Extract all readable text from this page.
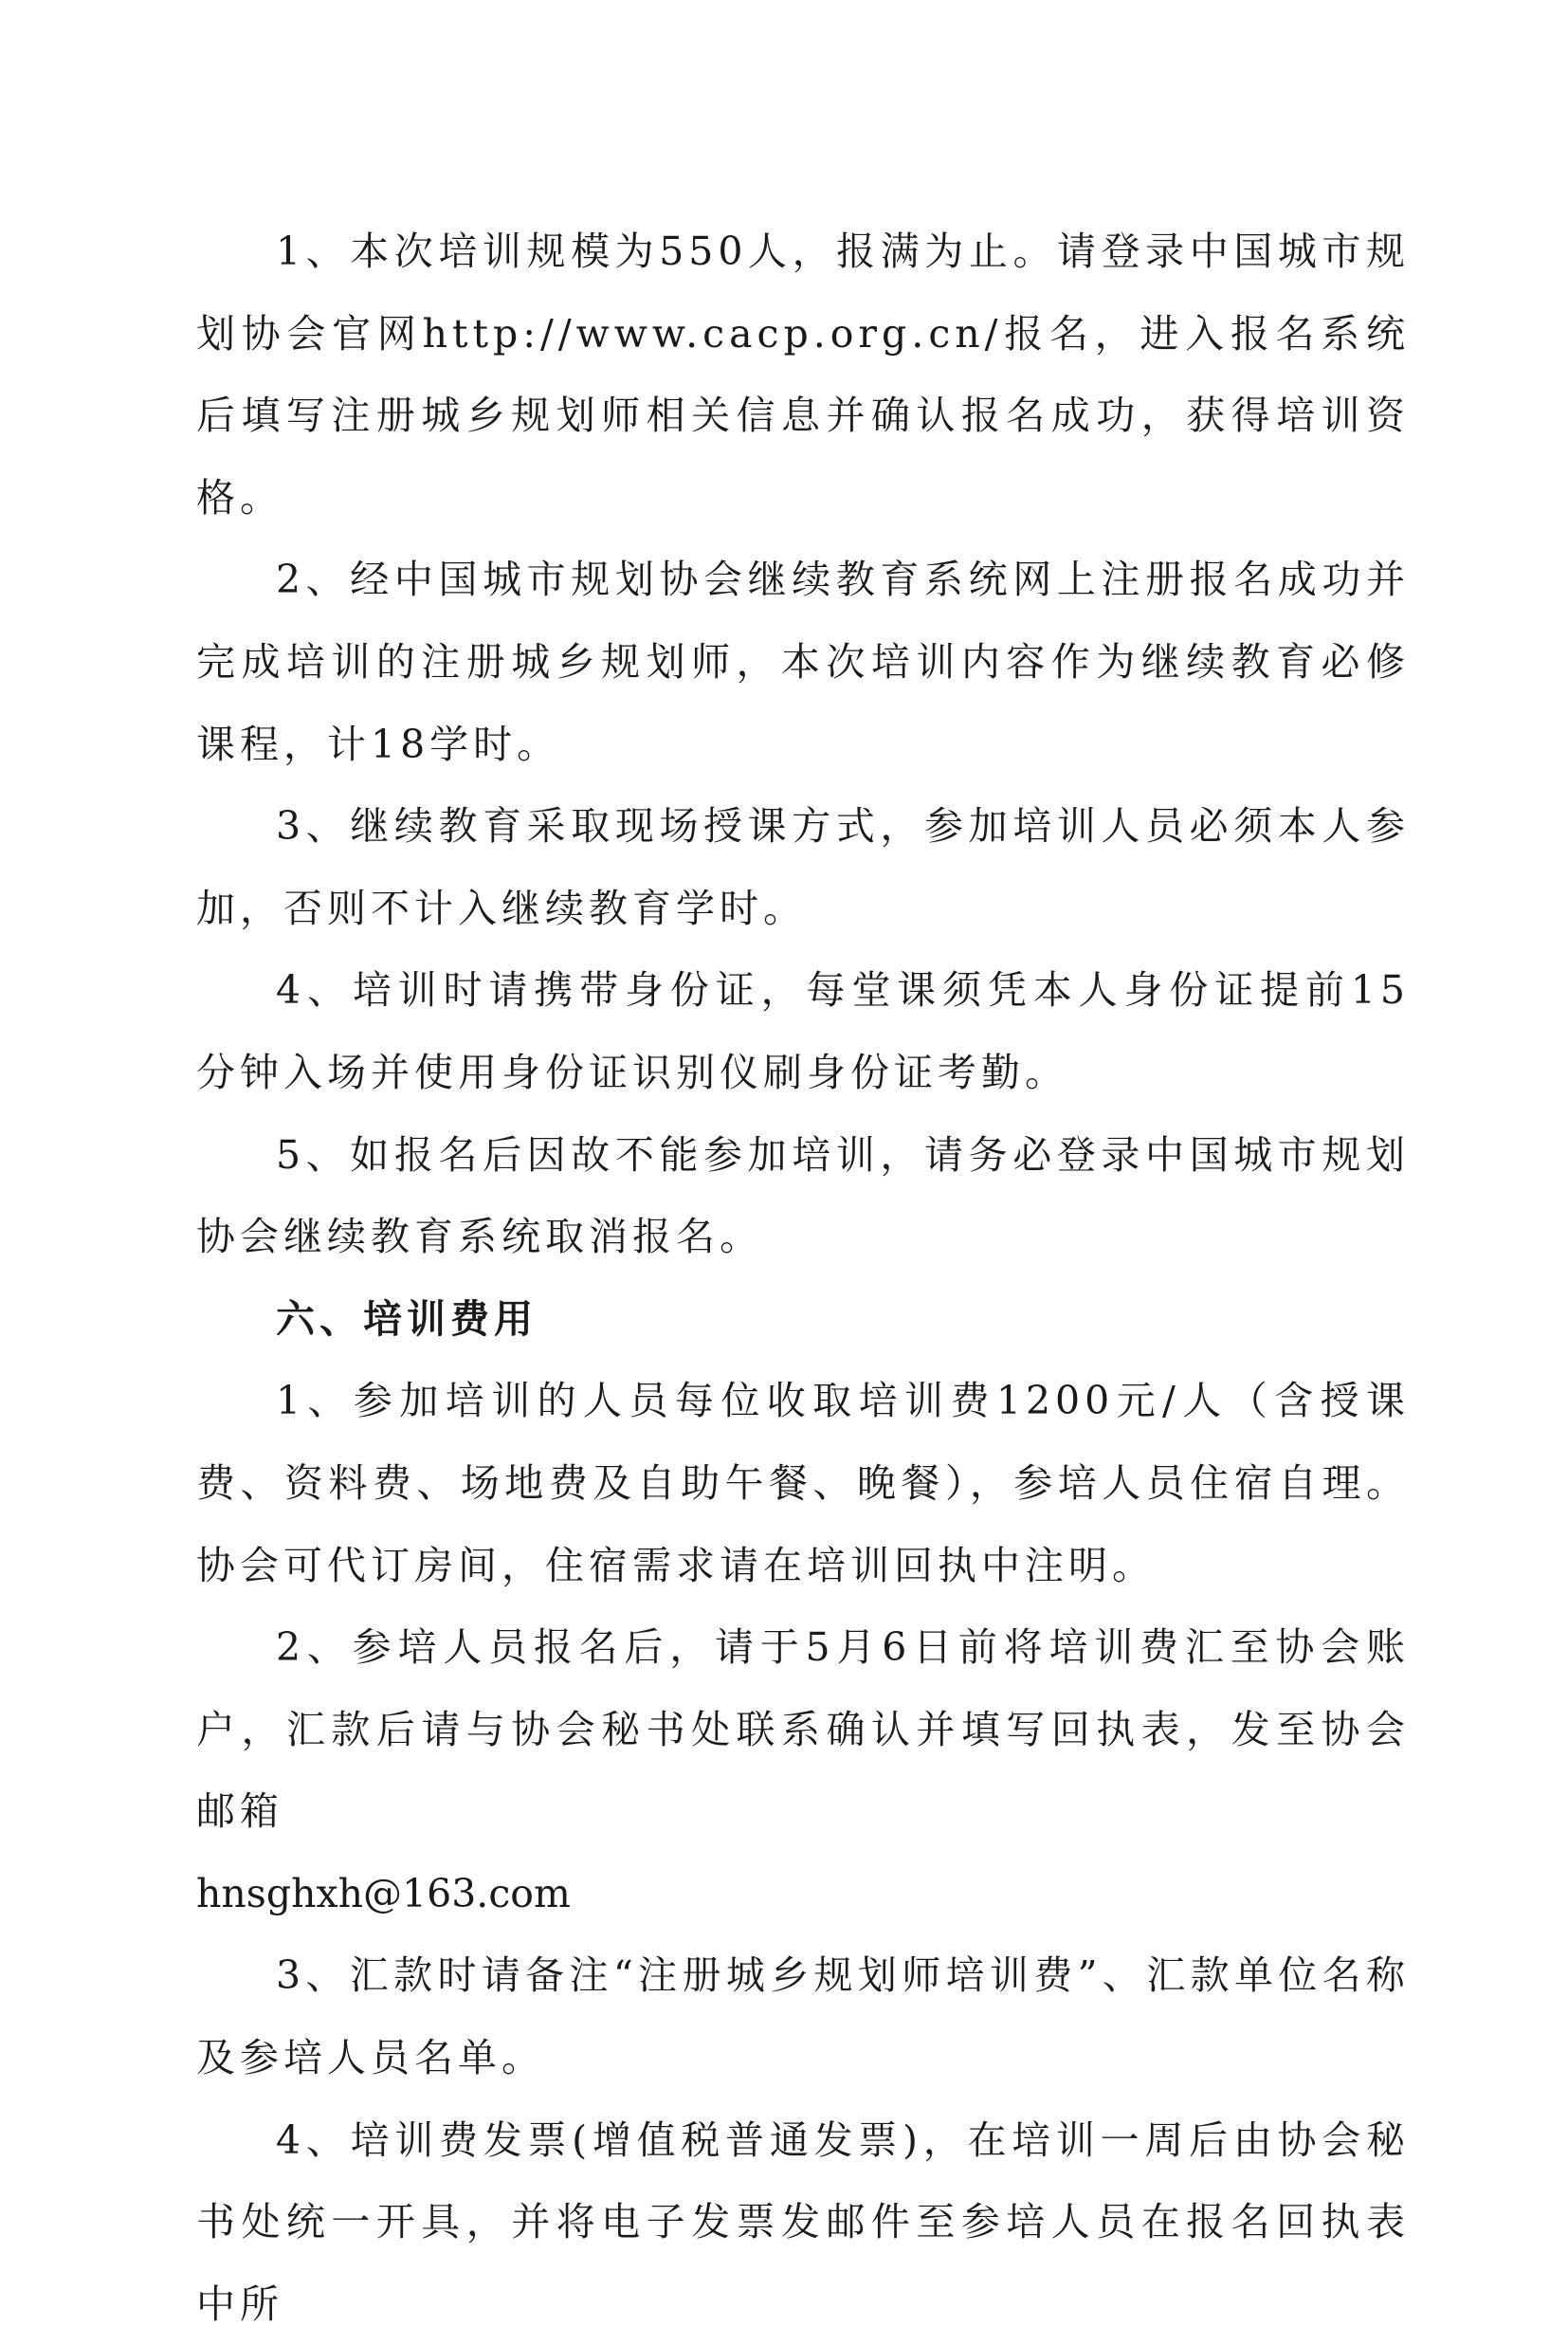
1、本次培训规模为550人，报满为止。请登录中国城市规划协会官网http://www.cacp.org.cn/报名，进入报名系统后填写注册城乡规划师相关信息并确认报名成功，获得培训资格。

2、经中国城市规划协会继续教育系统网上注册报名成功并完成培训的注册城乡规划师，本次培训内容作为继续教育必修课程，计18学时。

3、继续教育采取现场授课方式，参加培训人员必须本人参加，否则不计入继续教育学时。

4、培训时请携带身份证，每堂课须凭本人身份证提前15分钟入场并使用身份证识别仪刷身份证考勤。

5、如报名后因故不能参加培训，请务必登录中国城市规划协会继续教育系统取消报名。

六、培训费用

1、参加培训的人员每位收取培训费1200元/人（含授课费、资料费、场地费及自助午餐、晚餐），参培人员住宿自理。协会可代订房间，住宿需求请在培训回执中注明。

2、参培人员报名后，请于5月6日前将培训费汇至协会账户，汇款后请与协会秘书处联系确认并填写回执表，发至协会邮箱

hnsghxh@163.com

3、汇款时请备注“注册城乡规划师培训费”、汇款单位名称及参培人员名单。

4、培训费发票(增值税普通发票)，在培训一周后由协会秘书处统一开具，并将电子发票发邮件至参培人员在报名回执表中所
